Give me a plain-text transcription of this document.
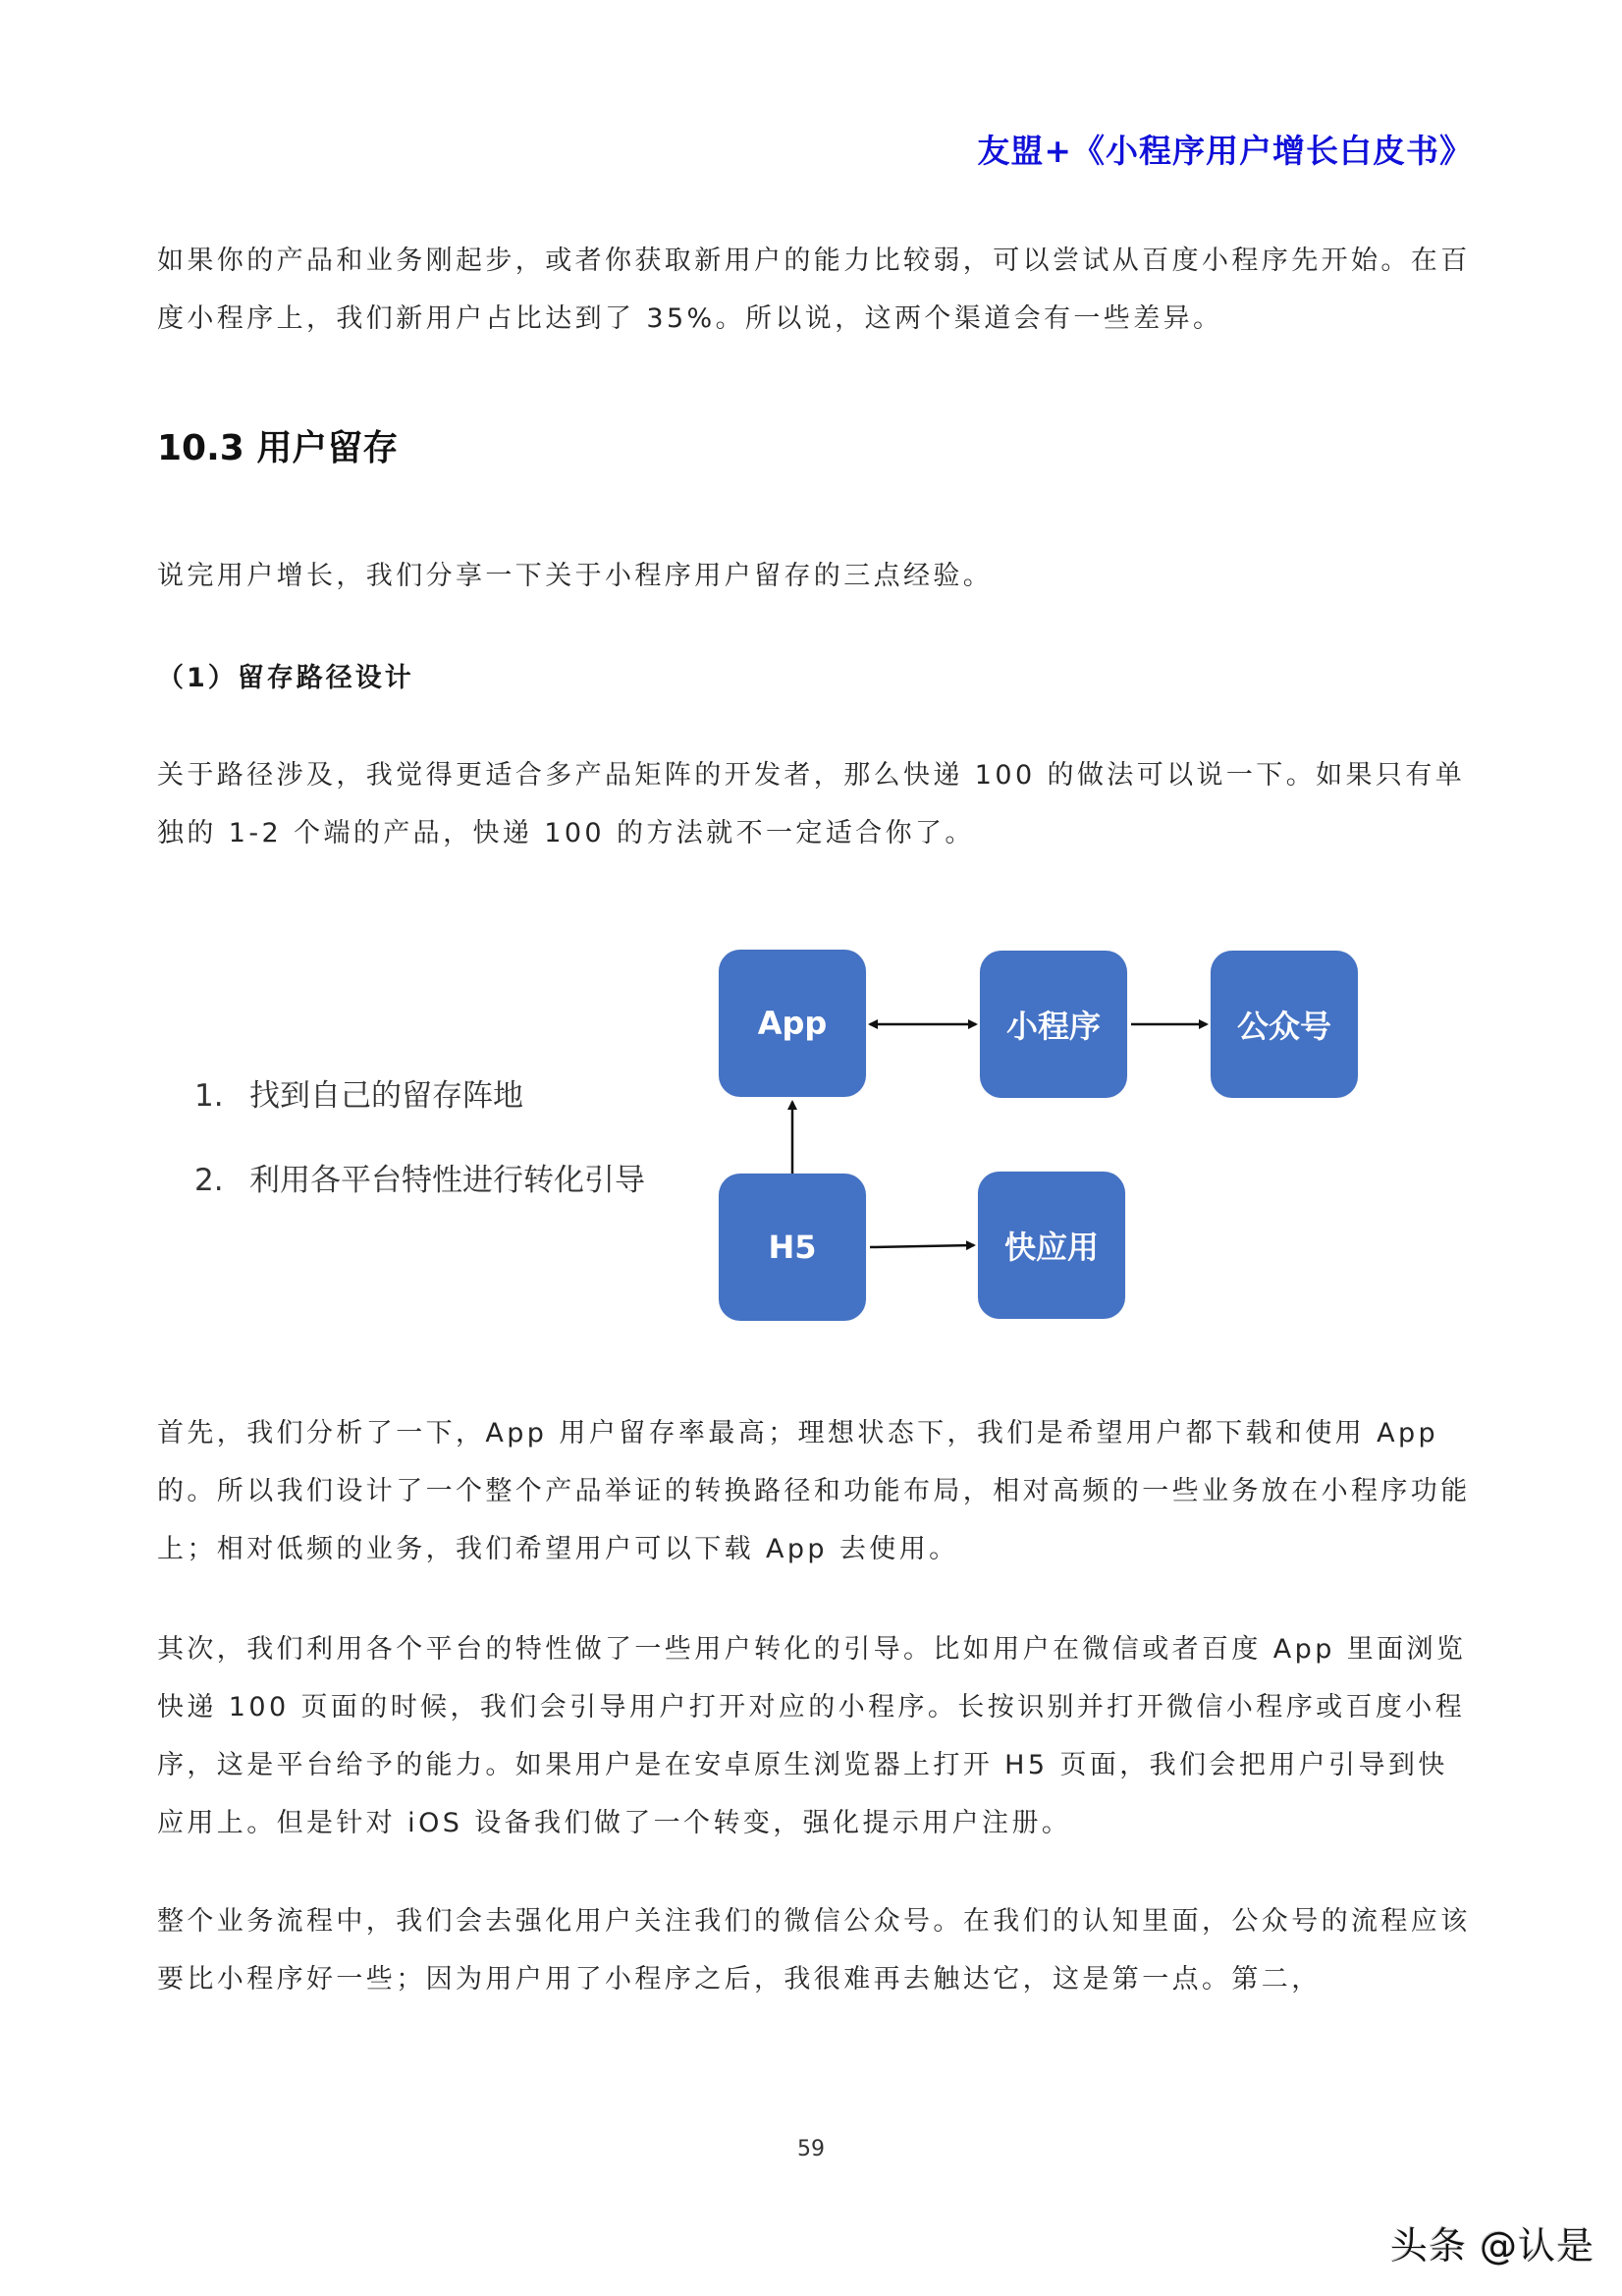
友盟+《小程序用户增长白皮书》

如果你的产品和业务刚起步，或者你获取新用户的能力比较弱，可以尝试从百度小程序先开始。在百度小程序上，我们新用户占比达到了 35%。所以说，这两个渠道会有一些差异。

10.3 用户留存

说完用户增长，我们分享一下关于小程序用户留存的三点经验。

（1）留存路径设计

关于路径涉及，我觉得更适合多产品矩阵的开发者，那么快递 100 的做法可以说一下。如果只有单独的 1-2 个端的产品，快递 100 的方法就不一定适合你了。

1. 找到自己的留存阵地
2. 利用各平台特性进行转化引导
App	小程序	公众号
H5	快应用

首先，我们分析了一下，App 用户留存率最高；理想状态下，我们是希望用户都下载和使用 App 的。所以我们设计了一个整个产品举证的转换路径和功能布局，相对高频的一些业务放在小程序功能上；相对低频的业务，我们希望用户可以下载 App 去使用。

其次，我们利用各个平台的特性做了一些用户转化的引导。比如用户在微信或者百度 App 里面浏览快递 100 页面的时候，我们会引导用户打开对应的小程序。长按识别并打开微信小程序或百度小程序，这是平台给予的能力。如果用户是在安卓原生浏览器上打开 H5 页面，我们会把用户引导到快应用上。但是针对 iOS 设备我们做了一个转变，强化提示用户注册。

整个业务流程中，我们会去强化用户关注我们的微信公众号。在我们的认知里面，公众号的流程应该要比小程序好一些；因为用户用了小程序之后，我很难再去触达它，这是第一点。第二，

59
头条 @认是
